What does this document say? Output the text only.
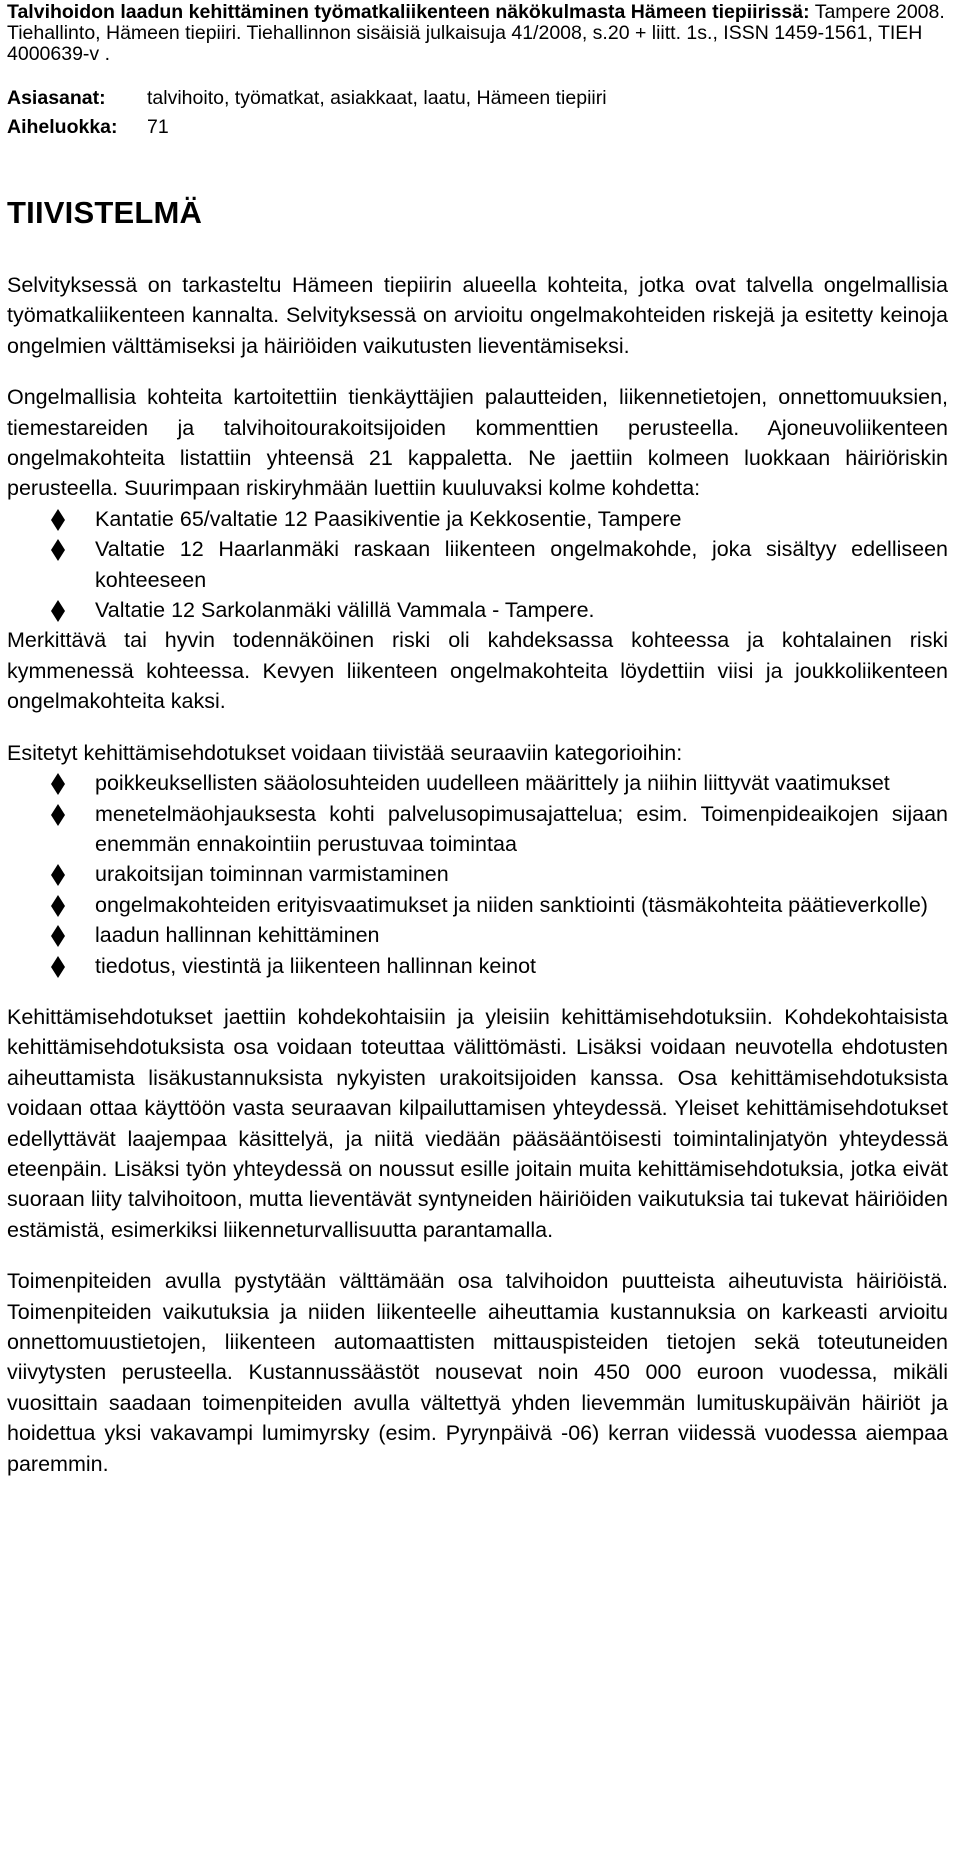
Talvihoidon laadun kehittäminen työmatkaliikenteen näkökulmasta Hämeen tiepiirissä: Tampere 2008. Tiehallinto, Hämeen tiepiiri. Tiehallinnon sisäisiä julkaisuja 41/2008, s.20 + liitt. 1s., ISSN 1459-1561, TIEH 4000639-v .

Asiasanat:	talvihoito, työmatkat, asiakkaat, laatu, Hämeen tiepiiri
Aiheluokka:	71
TIIVISTELMÄ

Selvityksessä on tarkasteltu Hämeen tiepiirin alueella kohteita, jotka ovat talvella ongelmallisia työmatkaliikenteen kannalta. Selvityksessä on arvioitu ongelmakohteiden riskejä ja esitetty keinoja ongelmien välttämiseksi ja häiriöiden vaikutusten lieventämiseksi.

Ongelmallisia kohteita kartoitettiin tienkäyttäjien palautteiden, liikennetietojen, onnettomuuksien, tiemestareiden ja talvihoitourakoitsijoiden kommenttien perusteella. Ajoneuvoliikenteen ongelmakohteita listattiin yhteensä 21 kappaletta. Ne jaettiin kolmeen luokkaan häiriöriskin perusteella. Suurimpaan riskiryhmään luettiin kuuluvaksi kolme kohdetta:

Kantatie 65/valtatie 12 Paasikiventie ja Kekkosentie, Tampere
Valtatie 12 Haarlanmäki raskaan liikenteen ongelmakohde, joka sisältyy edelliseen kohteeseen
Valtatie 12 Sarkolanmäki välillä Vammala - Tampere.

Merkittävä tai hyvin todennäköinen riski oli kahdeksassa kohteessa ja kohtalainen riski kymmenessä kohteessa. Kevyen liikenteen ongelmakohteita löydettiin viisi ja joukkoliikenteen ongelmakohteita kaksi.

Esitetyt kehittämisehdotukset voidaan tiivistää seuraaviin kategorioihin:

poikkeuksellisten sääolosuhteiden uudelleen määrittely ja niihin liittyvät vaatimukset
menetelmäohjauksesta kohti palvelusopimusajattelua; esim. Toimenpideaikojen sijaan enemmän ennakointiin perustuvaa toimintaa
urakoitsijan toiminnan varmistaminen
ongelmakohteiden erityisvaatimukset ja niiden sanktiointi (täsmäkohteita päätieverkolle)
laadun hallinnan kehittäminen
tiedotus, viestintä ja liikenteen hallinnan keinot

Kehittämisehdotukset jaettiin kohdekohtaisiin ja yleisiin kehittämisehdotuksiin. Kohdekohtaisista kehittämisehdotuksista osa voidaan toteuttaa välittömästi. Lisäksi voidaan neuvotella ehdotusten aiheuttamista lisäkustannuksista nykyisten urakoitsijoiden kanssa. Osa kehittämisehdotuksista voidaan ottaa käyttöön vasta seuraavan kilpailuttamisen yhteydessä. Yleiset kehittämisehdotukset edellyttävät laajempaa käsittelyä, ja niitä viedään pääsääntöisesti toimintalinjatyön yhteydessä eteenpäin. Lisäksi työn yhteydessä on noussut esille joitain muita kehittämisehdotuksia, jotka eivät suoraan liity talvihoitoon, mutta lieventävät syntyneiden häiriöiden vaikutuksia tai tukevat häiriöiden estämistä, esimerkiksi liikenneturvallisuutta parantamalla.

Toimenpiteiden avulla pystytään välttämään osa talvihoidon puutteista aiheutuvista häiriöistä. Toimenpiteiden vaikutuksia ja niiden liikenteelle aiheuttamia kustannuksia on karkeasti arvioitu onnettomuustietojen, liikenteen automaattisten mittauspisteiden tietojen sekä toteutuneiden viivytysten perusteella. Kustannussäästöt nousevat noin 450 000 euroon vuodessa, mikäli vuosittain saadaan toimenpiteiden avulla vältettyä yhden lievemmän lumituskupäivän häiriöt ja hoidettua yksi vakavampi lumimyrsky (esim. Pyrynpäivä -06) kerran viidessä vuodessa aiempaa paremmin.
